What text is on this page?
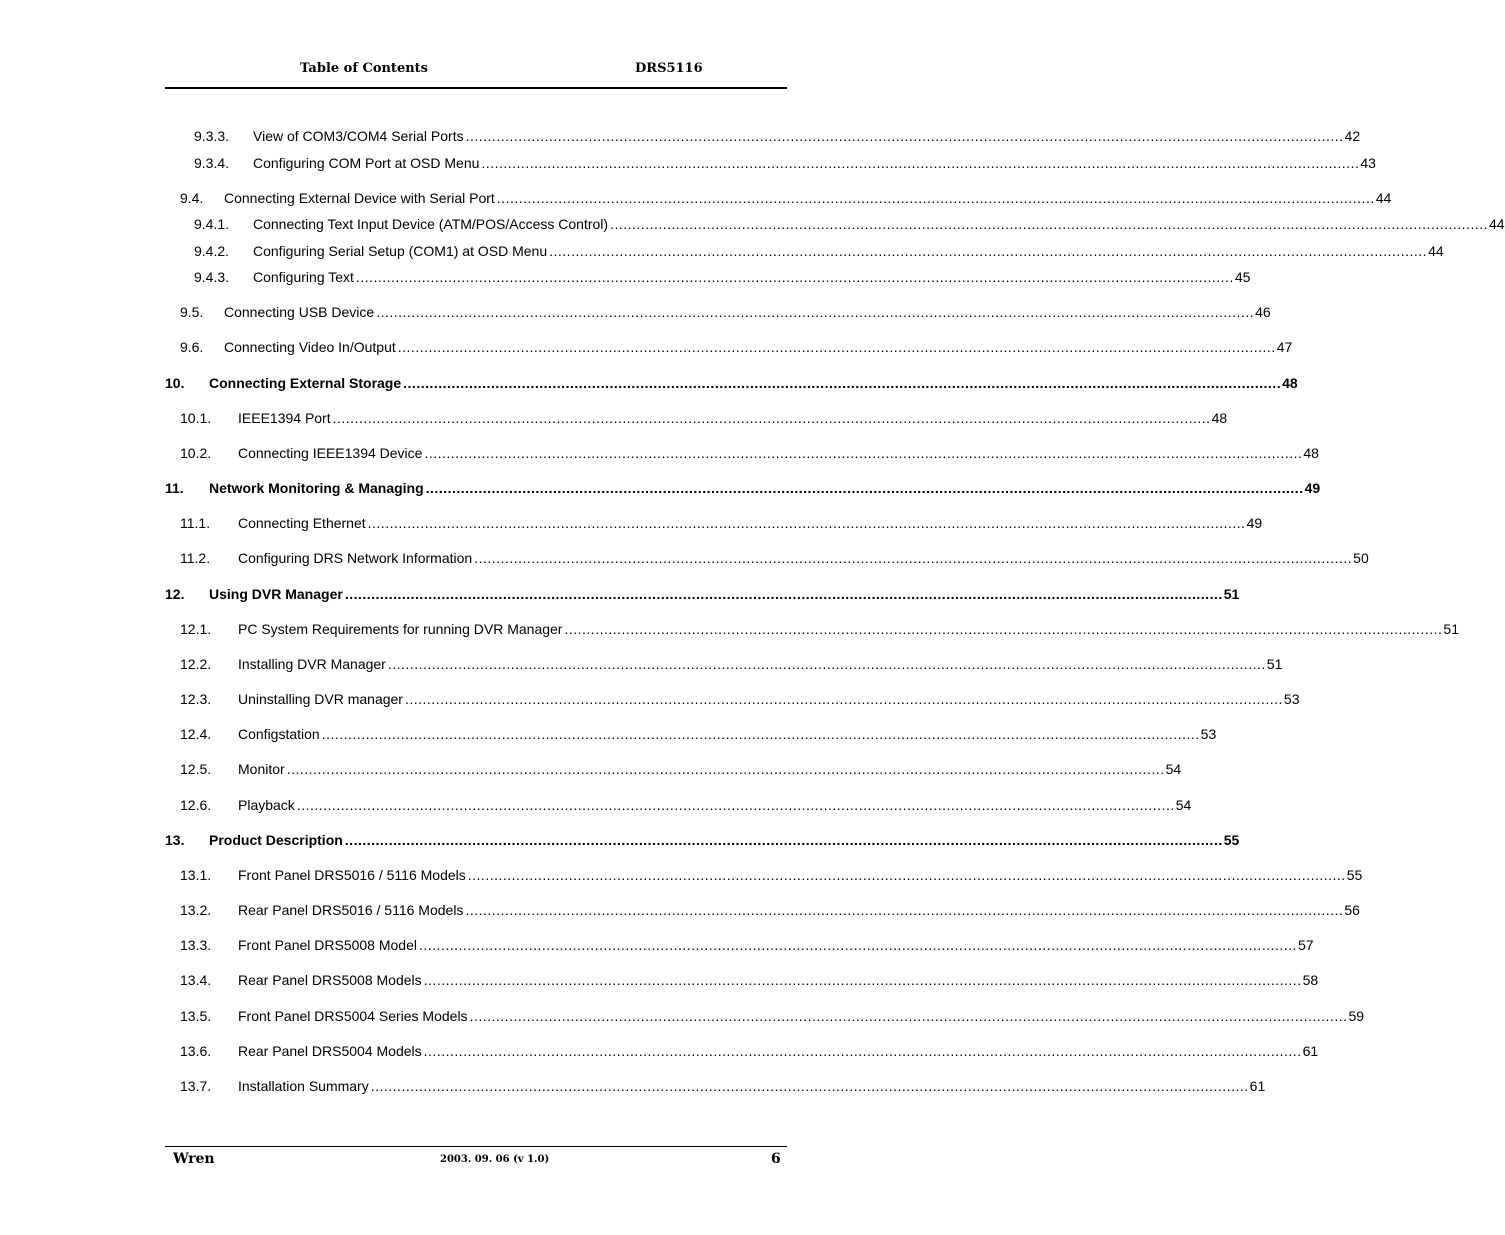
Table of Contents	DRS5116
9.3.3. View of COM3/COM4 Serial Ports ........................................................................................................................................................................................................ 42
9.3.4. Configuring COM Port at OSD Menu ........................................................................................................................................................................................................ 43
9.4. Connecting External Device with Serial Port ........................................................................................................................................................................................................ 44
9.4.1. Connecting Text Input Device (ATM/POS/Access Control) ........................................................................................................................................................................................................ 44
9.4.2. Configuring Serial Setup (COM1) at OSD Menu ........................................................................................................................................................................................................ 44
9.4.3. Configuring Text ........................................................................................................................................................................................................ 45
9.5. Connecting USB Device ........................................................................................................................................................................................................ 46
9.6. Connecting Video In/Output ........................................................................................................................................................................................................ 47
10. Connecting External Storage ........................................................................................................................................................................................................ 48
10.1. IEEE1394 Port ........................................................................................................................................................................................................ 48
10.2. Connecting IEEE1394 Device ........................................................................................................................................................................................................ 48
11. Network Monitoring & Managing ........................................................................................................................................................................................................ 49
11.1. Connecting Ethernet ........................................................................................................................................................................................................ 49
11.2. Configuring DRS Network Information ........................................................................................................................................................................................................ 50
12. Using DVR Manager ........................................................................................................................................................................................................ 51
12.1. PC System Requirements for running DVR Manager ........................................................................................................................................................................................................ 51
12.2. Installing DVR Manager ........................................................................................................................................................................................................ 51
12.3. Uninstalling DVR manager ........................................................................................................................................................................................................ 53
12.4. Configstation ........................................................................................................................................................................................................ 53
12.5. Monitor ........................................................................................................................................................................................................ 54
12.6. Playback ........................................................................................................................................................................................................ 54
13. Product Description ........................................................................................................................................................................................................ 55
13.1. Front Panel DRS5016 / 5116 Models ........................................................................................................................................................................................................ 55
13.2. Rear Panel DRS5016 / 5116 Models ........................................................................................................................................................................................................ 56
13.3. Front Panel DRS5008 Model ........................................................................................................................................................................................................ 57
13.4. Rear Panel DRS5008 Models ........................................................................................................................................................................................................ 58
13.5. Front Panel DRS5004 Series Models ........................................................................................................................................................................................................ 59
13.6. Rear Panel DRS5004 Models ........................................................................................................................................................................................................ 61
13.7. Installation Summary ........................................................................................................................................................................................................ 61
Wren	2003. 09. 06 (v 1.0)	6
